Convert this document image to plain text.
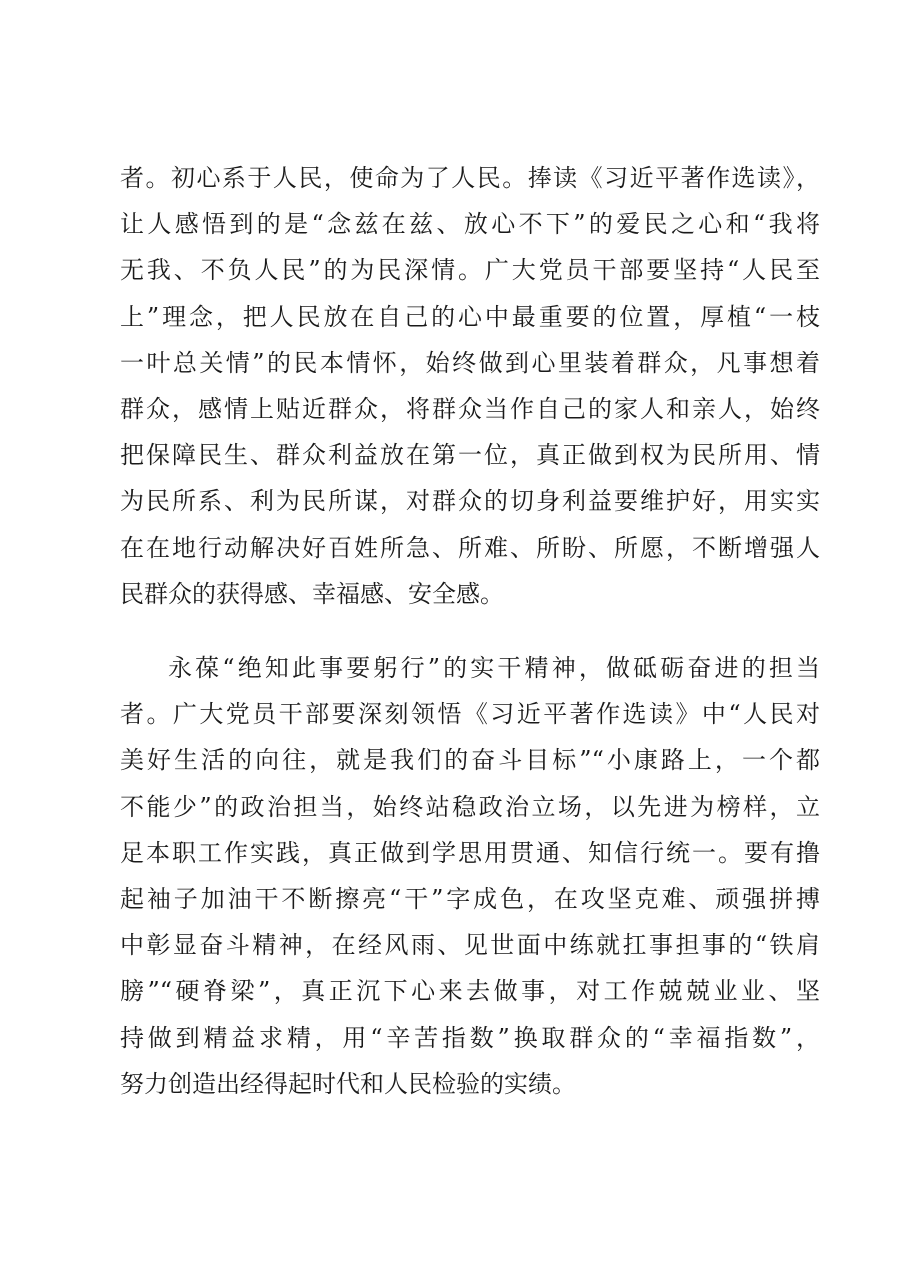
者。初心系于人民，使命为了人民。捧读《习近平著作选读》，
让人感悟到的是“念兹在兹、放心不下”的爱民之心和“我将
无我、不负人民”的为民深情。广大党员干部要坚持“人民至
上”理念，把人民放在自己的心中最重要的位置，厚植“一枝
一叶总关情”的民本情怀，始终做到心里装着群众，凡事想着
群众，感情上贴近群众，将群众当作自己的家人和亲人，始终
把保障民生、群众利益放在第一位，真正做到权为民所用、情
为民所系、利为民所谋，对群众的切身利益要维护好，用实实
在在地行动解决好百姓所急、所难、所盼、所愿，不断增强人
民群众的获得感、幸福感、安全感。

永葆“绝知此事要躬行”的实干精神，做砥砺奋进的担当
者。广大党员干部要深刻领悟《习近平著作选读》中“人民对
美好生活的向往，就是我们的奋斗目标”“小康路上，一个都
不能少”的政治担当，始终站稳政治立场，以先进为榜样，立
足本职工作实践，真正做到学思用贯通、知信行统一。要有撸
起袖子加油干不断擦亮“干”字成色，在攻坚克难、顽强拼搏
中彰显奋斗精神，在经风雨、见世面中练就扛事担事的“铁肩
膀”“硬脊梁”，真正沉下心来去做事，对工作兢兢业业、坚
持做到精益求精，用“辛苦指数”换取群众的“幸福指数”，
努力创造出经得起时代和人民检验的实绩。
